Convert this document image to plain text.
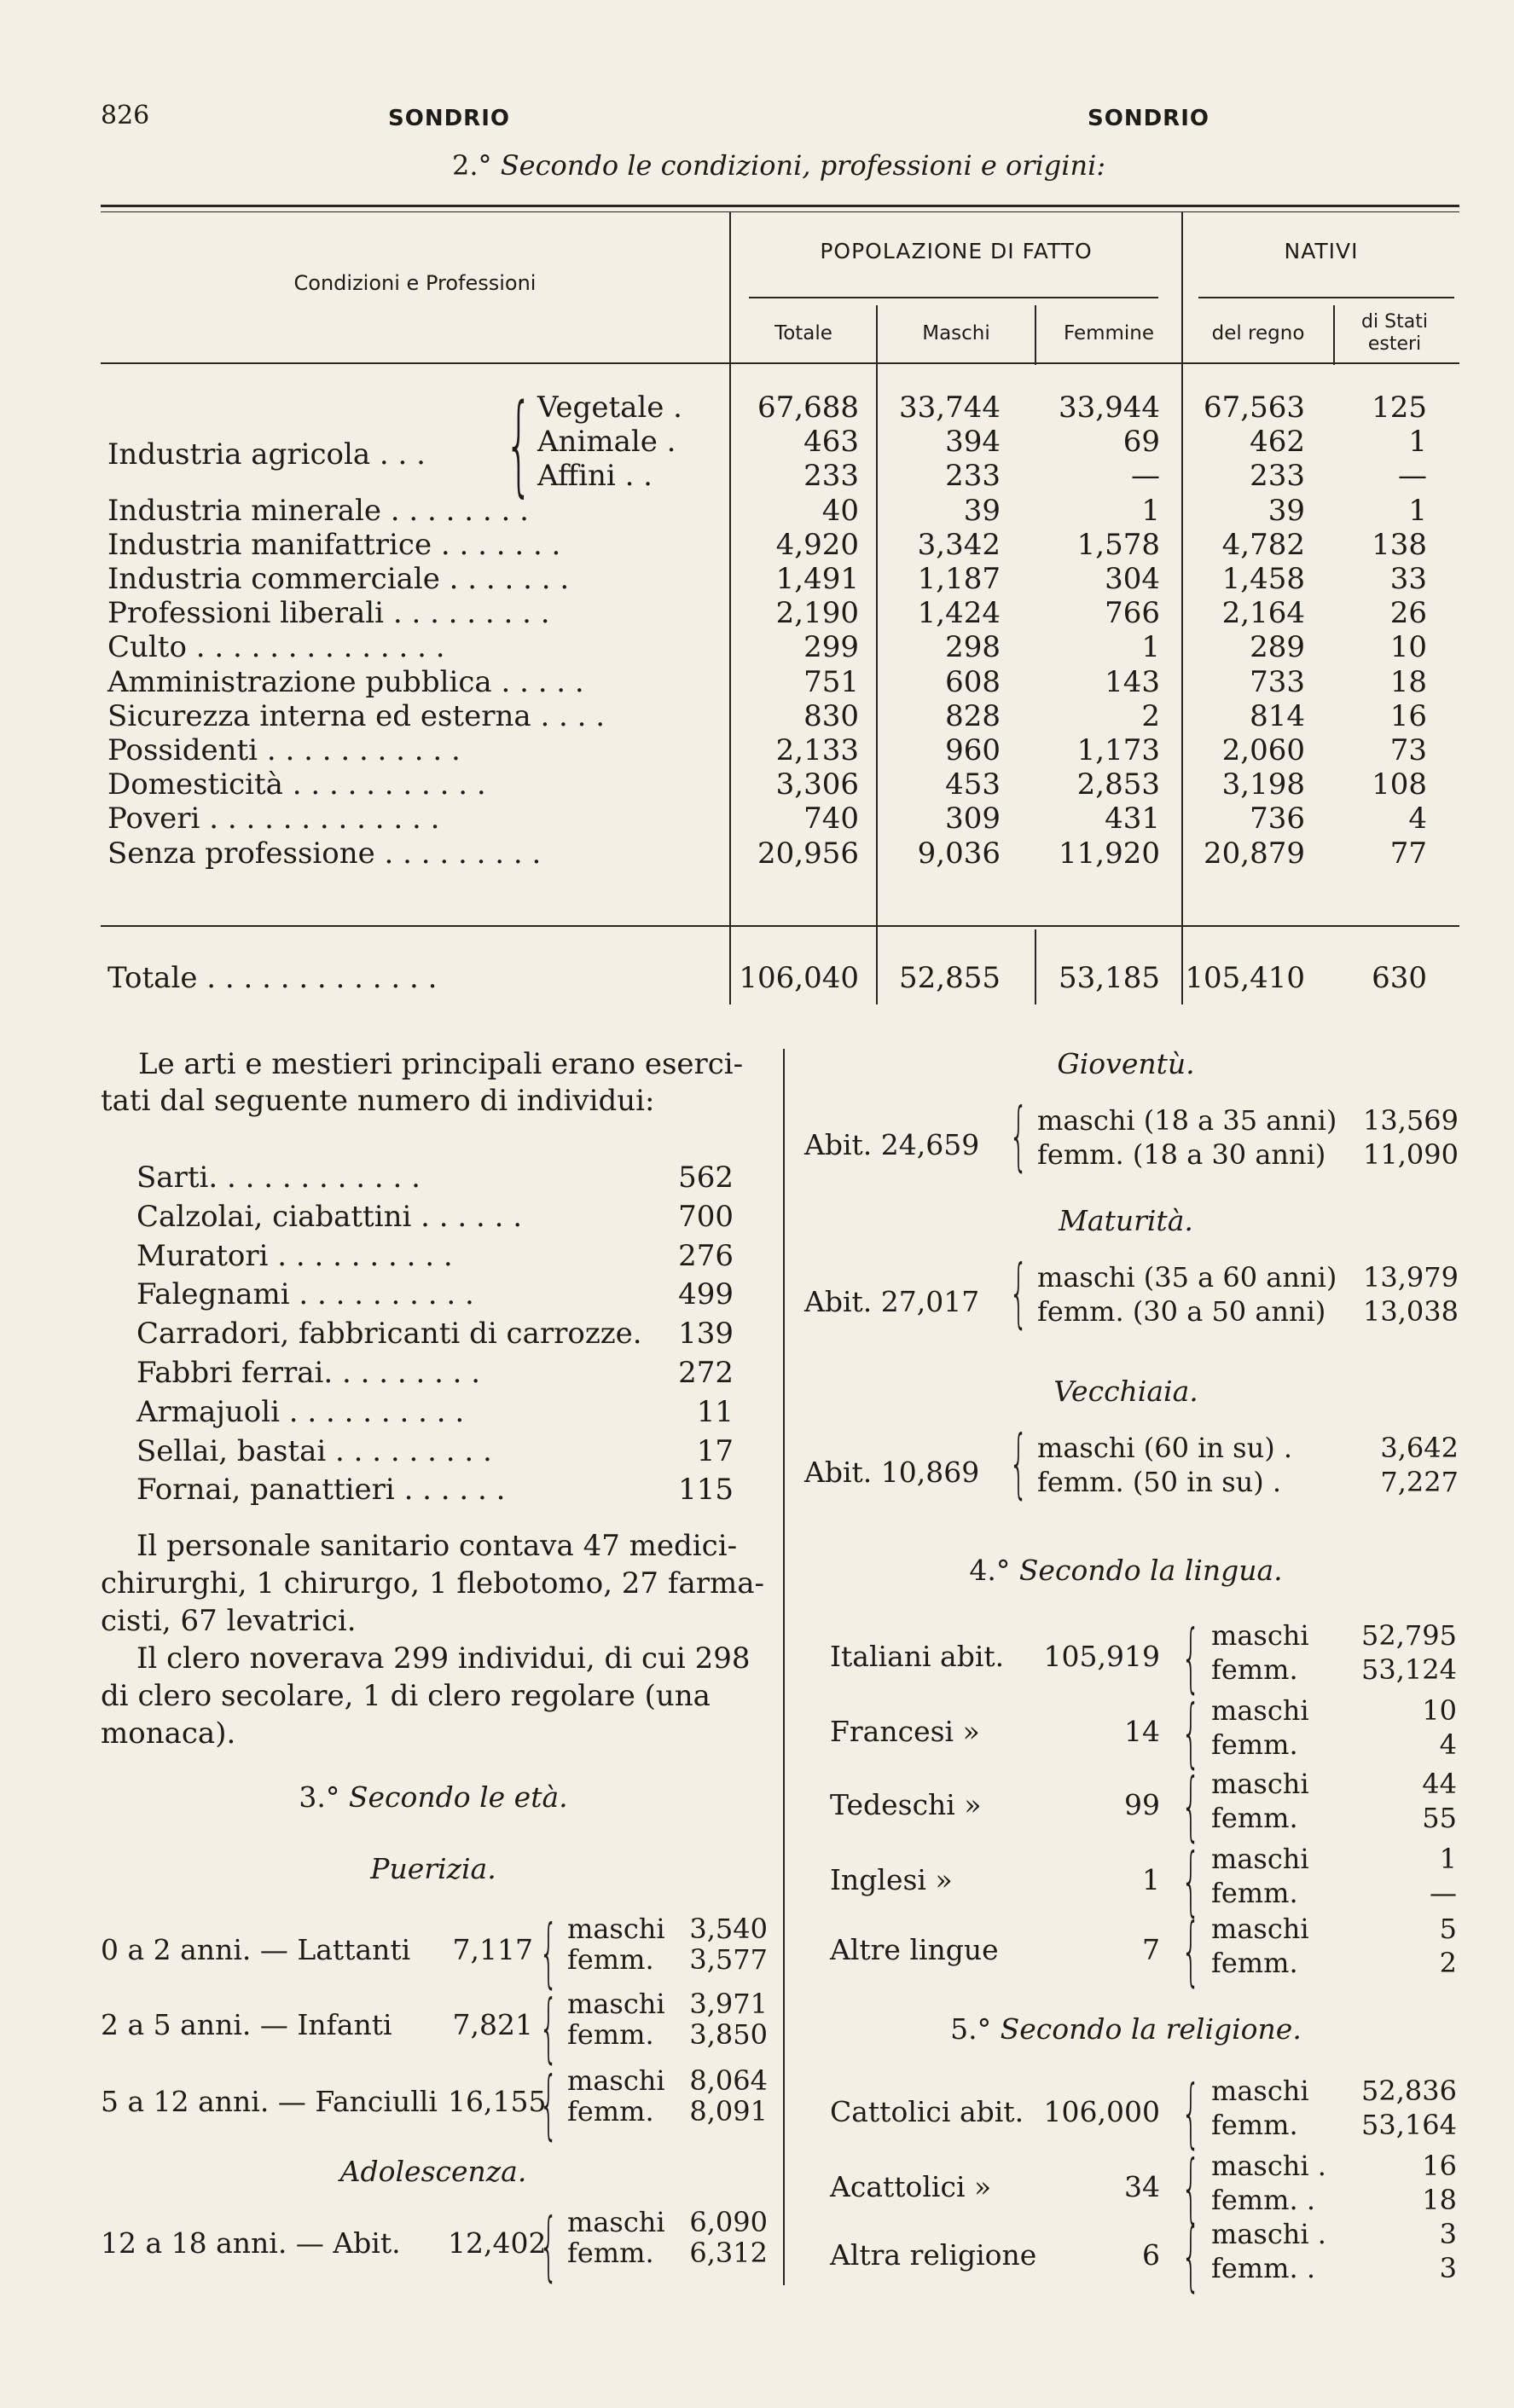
826	SONDRIO	SONDRIO
2.° Secondo le condizioni, professioni e origini:
Condizioni e Professioni
POPOLAZIONE DI FATTO	NATIVI
Totale	Maschi	Femmine	del regno
di Stati esteri
Industria agricola . . . { Vegetale .	67,688	33,744	33,944	67,563	125
Animale .	463	394	69	462	1
Affini . .	233	233	—	233	—
Industria minerale . . . . . . . .	40	39	1	39	1
Industria manifattrice . . . . . . .	4,920	3,342	1,578	4,782	138
Industria commerciale . . . . . . .	1,491	1,187	304	1,458	33
Professioni liberali . . . . . . . . .	2,190	1,424	766	2,164	26
Culto . . . . . . . . . . . . . .	299	298	1	289	10
Amministrazione pubblica . . . . .	751	608	143	733	18
Sicurezza interna ed esterna . . . .	830	828	2	814	16
Possidenti . . . . . . . . . . .	2,133	960	1,173	2,060	73
Domesticità . . . . . . . . . . .	3,306	453	2,853	3,198	108
Poveri . . . . . . . . . . . . .	740	309	431	736	4
Senza professione . . . . . . . . .	20,956	9,036	11,920	20,879	77
Totale . . . . . . . . . . . . .	106,040	52,855	53,185 105,410	630
Le arti e mestieri principali erano eserci-
tati dal seguente numero di individui:
Sarti. . . . . . . . . . . .	562
Calzolai, ciabattini . . . . . .	700
Muratori . . . . . . . . . .	276
Falegnami . . . . . . . . . .	499
Carradori, fabbricanti di carrozze.	139
Fabbri ferrai. . . . . . . . .	272
Armajuoli . . . . . . . . . .	11
Sellai, bastai . . . . . . . . .	17
Fornai, panattieri . . . . . .	115
Il personale sanitario contava 47 medici-
chirurghi, 1 chirurgo, 1 flebotomo, 27 farma-
cisti, 67 levatrici.
Il clero noverava 299 individui, di cui 298
di clero secolare, 1 di clero regolare (una
monaca).
3.° Secondo le età.
Puerizia.
Adolescenza.
0 a 2 anni. — Lattanti 7,117 { maschi 3,540
femm.	3,577
2 a 5 anni. — Infanti 7,821 { maschi 3,971
femm.	3,850
5 a 12 anni. — Fanciulli 16,155
{ maschi 8,064
femm.	8,091
12 a 18 anni. — Abit. 12,402
{ maschi 6,090
femm.	6,312
Gioventù.
Abit. 24,659 { maschi (18 a 35 anni) 13,569
femm. (18 a 30 anni)	11,090
Maturità.
Abit. 27,017 { maschi (35 a 60 anni) 13,979
femm. (30 a 50 anni)	13,038
Vecchiaia.
Abit. 10,869 { maschi (60 in su) .	3,642
femm. (50 in su) .	7,227
4.° Secondo la lingua.
Italiani abit.	105,919 { maschi	52,795
femm.	53,124
Francesi »	14 { maschi	10
femm.	4
Tedeschi »	99 { maschi	44
femm.	55
Inglesi »	1 { maschi	1
femm.	—
Altre lingue	7 { maschi	5
femm.	2
5.° Secondo la religione.
Cattolici abit. 106,000 { maschi	52,836
femm.	53,164
Acattolici »	34 { maschi .	16
femm. .	18
Altra religione	6 { maschi .	3
femm. .	3
